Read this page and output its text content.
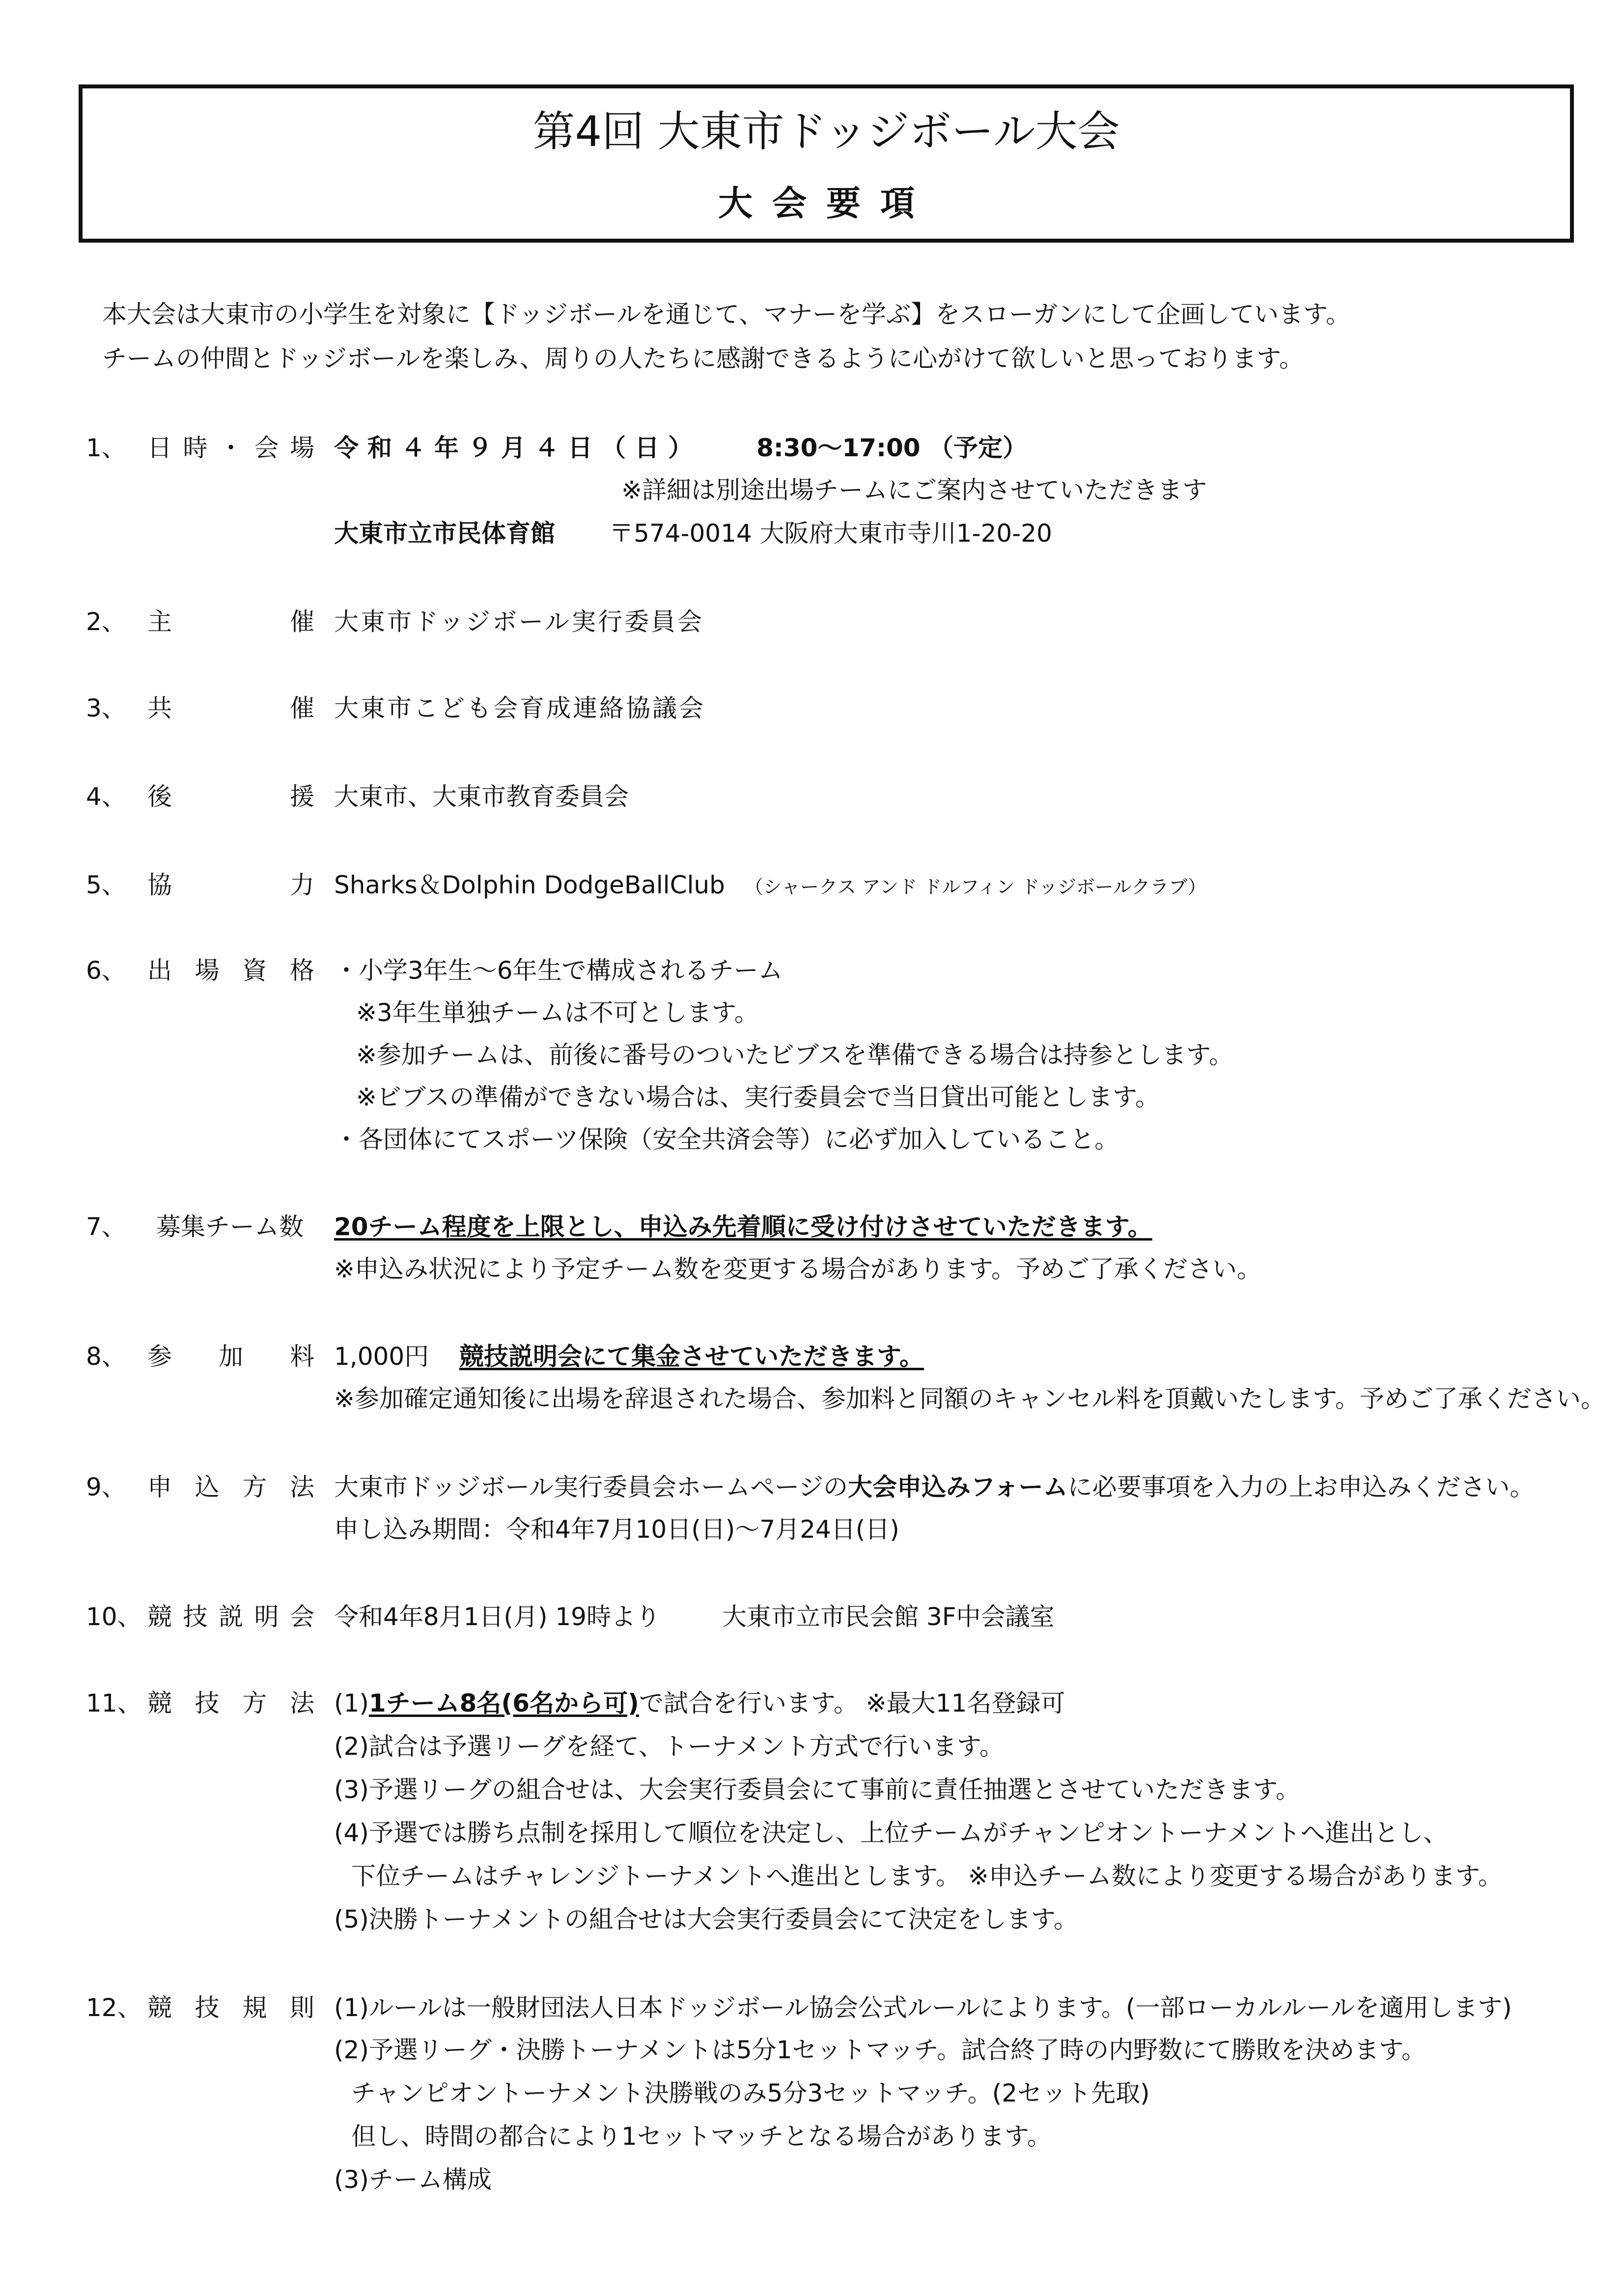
第4回 大東市ドッジボール大会
大会要項
本大会は大東市の小学生を対象に【ドッジボールを通じて、マナーを学ぶ】をスローガンにして企画しています。
チームの仲間とドッジボールを楽しみ、周りの人たちに感謝できるように心がけて欲しいと思っております。
1、 日 時 ・ 会 場 令和４年９月４日（日） 8:30～17:00 （予定）
※詳細は別途出場チームにご案内させていただきます
大東市立市民体育館 〒574-0014 大阪府大東市寺川1-20-20
2、 主	催 大東市ドッジボール実行委員会
3、 共	催 大東市こども会育成連絡協議会
4、 後	援 大東市、大東市教育委員会
5、 協	力 Sharks＆Dolphin DodgeBallClub （シャークス アンド ドルフィン ドッジボールクラブ）
6、 出 場 資 格 ・小学3年生～6年生で構成されるチーム
※3年生単独チームは不可とします。
※参加チームは、前後に番号のついたビブスを準備できる場合は持参とします。
※ビブスの準備ができない場合は、実行委員会で当日貸出可能とします。
・各団体にてスポーツ保険（安全共済会等）に必ず加入していること。
7、 募集チーム数	20チーム程度を上限とし、申込み先着順に受け付けさせていただきます。
※申込み状況により予定チーム数を変更する場合があります。予めご了承ください。
8、 参 加 料 1,000円 競技説明会にて集金させていただきます。
※参加確定通知後に出場を辞退された場合、参加料と同額のキャンセル料を頂戴いたします。予めご了承ください。
9、 申 込 方 法 大東市ドッジボール実行委員会ホームページの大会申込みフォームに必要事項を入力の上お申込みください。
申し込み期間：令和4年7月10日(日)～7月24日(日)
10、 競 技 説 明 会 令和4年8月1日(月) 19時より	大東市立市民会館 3F中会議室
11、 競 技 方 法 (1)1チーム8名(6名から可)で試合を行います。 ※最大11名登録可
(2)試合は予選リーグを経て、トーナメント方式で行います。
(3)予選リーグの組合せは、大会実行委員会にて事前に責任抽選とさせていただきます。
(4)予選では勝ち点制を採用して順位を決定し、上位チームがチャンピオントーナメントへ進出とし、
下位チームはチャレンジトーナメントへ進出とします。 ※申込チーム数により変更する場合があります。
(5)決勝トーナメントの組合せは大会実行委員会にて決定をします。
12、 競 技 規 則 (1)ルールは一般財団法人日本ドッジボール協会公式ルールによります。(一部ローカルルールを適用します)
(2)予選リーグ・決勝トーナメントは5分1セットマッチ。試合終了時の内野数にて勝敗を決めます。
チャンピオントーナメント決勝戦のみ5分3セットマッチ。(2セット先取)
但し、時間の都合により1セットマッチとなる場合があります。
(3)チーム構成
